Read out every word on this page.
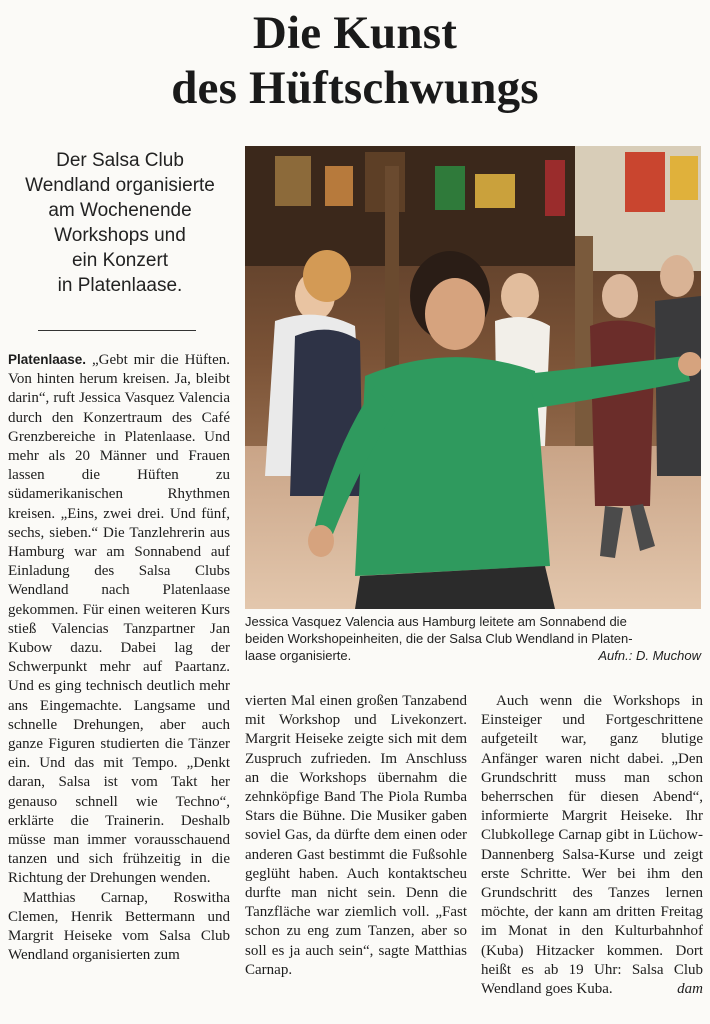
Die Kunst
des Hüftschwungs
Der Salsa Club
Wendland organisierte
am Wochenende
Workshops und
ein Konzert
in Platenlaase.
Jessica Vasquez Valencia aus Hamburg leitete am Sonnabend die
beiden Workshopeinheiten, die der Salsa Club Wendland in Platen-
laase organisierte.	Aufn.: D. Muchow

Platenlaase. „Gebt mir die Hüften. Von hinten herum kreisen. Ja, bleibt darin“, ruft Jessica Vasquez Valencia durch den Konzertraum des Café Grenzbereiche in Platenlaase. Und mehr als 20 Männer und Frauen lassen die Hüften zu südamerikanischen Rhythmen kreisen. „Eins, zwei drei. Und fünf, sechs, sieben.“ Die Tanzlehrerin aus Hamburg war am Sonnabend auf Einladung des Salsa Clubs Wendland nach Platenlaase gekommen. Für einen weiteren Kurs stieß Valencias Tanzpartner Jan Kubow dazu. Dabei lag der Schwerpunkt mehr auf Paartanz. Und es ging technisch deutlich mehr ans Eingemachte. Langsame und schnelle Drehungen, aber auch ganze Figuren studierten die Tänzer ein. Und das mit Tempo. „Denkt daran, Salsa ist vom Takt her genauso schnell wie Techno“, erklärte die Trainerin. Deshalb müsse man immer vorausschauend tanzen und sich frühzeitig in die Richtung der Drehungen wenden.

Matthias Carnap, Roswitha Clemen, Henrik Bettermann und Margrit Heiseke vom Salsa Club Wendland organisierten zum

vierten Mal einen großen Tanzabend mit Workshop und Livekonzert. Margrit Heiseke zeigte sich mit dem Zuspruch zufrieden. Im Anschluss an die Workshops übernahm die zehnköpfige Band The Piola Rumba Stars die Bühne. Die Musiker gaben soviel Gas, da dürfte dem einen oder anderen Gast bestimmt die Fußsohle geglüht haben. Auch kontaktscheu durfte man nicht sein. Denn die Tanzfläche war ziemlich voll. „Fast schon zu eng zum Tanzen, aber so soll es ja auch sein“, sagte Matthias Carnap.

Auch wenn die Workshops in Einsteiger und Fortgeschrittene aufgeteilt war, ganz blutige Anfänger waren nicht dabei. „Den Grundschritt muss man schon beherrschen für diesen Abend“, informierte Margrit Heiseke. Ihr Clubkollege Carnap gibt in Lüchow-Dannenberg Salsa-Kurse und zeigt erste Schritte. Wer bei ihm den Grundschritt des Tanzes lernen möchte, der kann am dritten Freitag im Monat in den Kulturbahnhof (Kuba) Hitzacker kommen. Dort heißt es ab 19 Uhr: Salsa Club Wendland goes Kuba.	dam
